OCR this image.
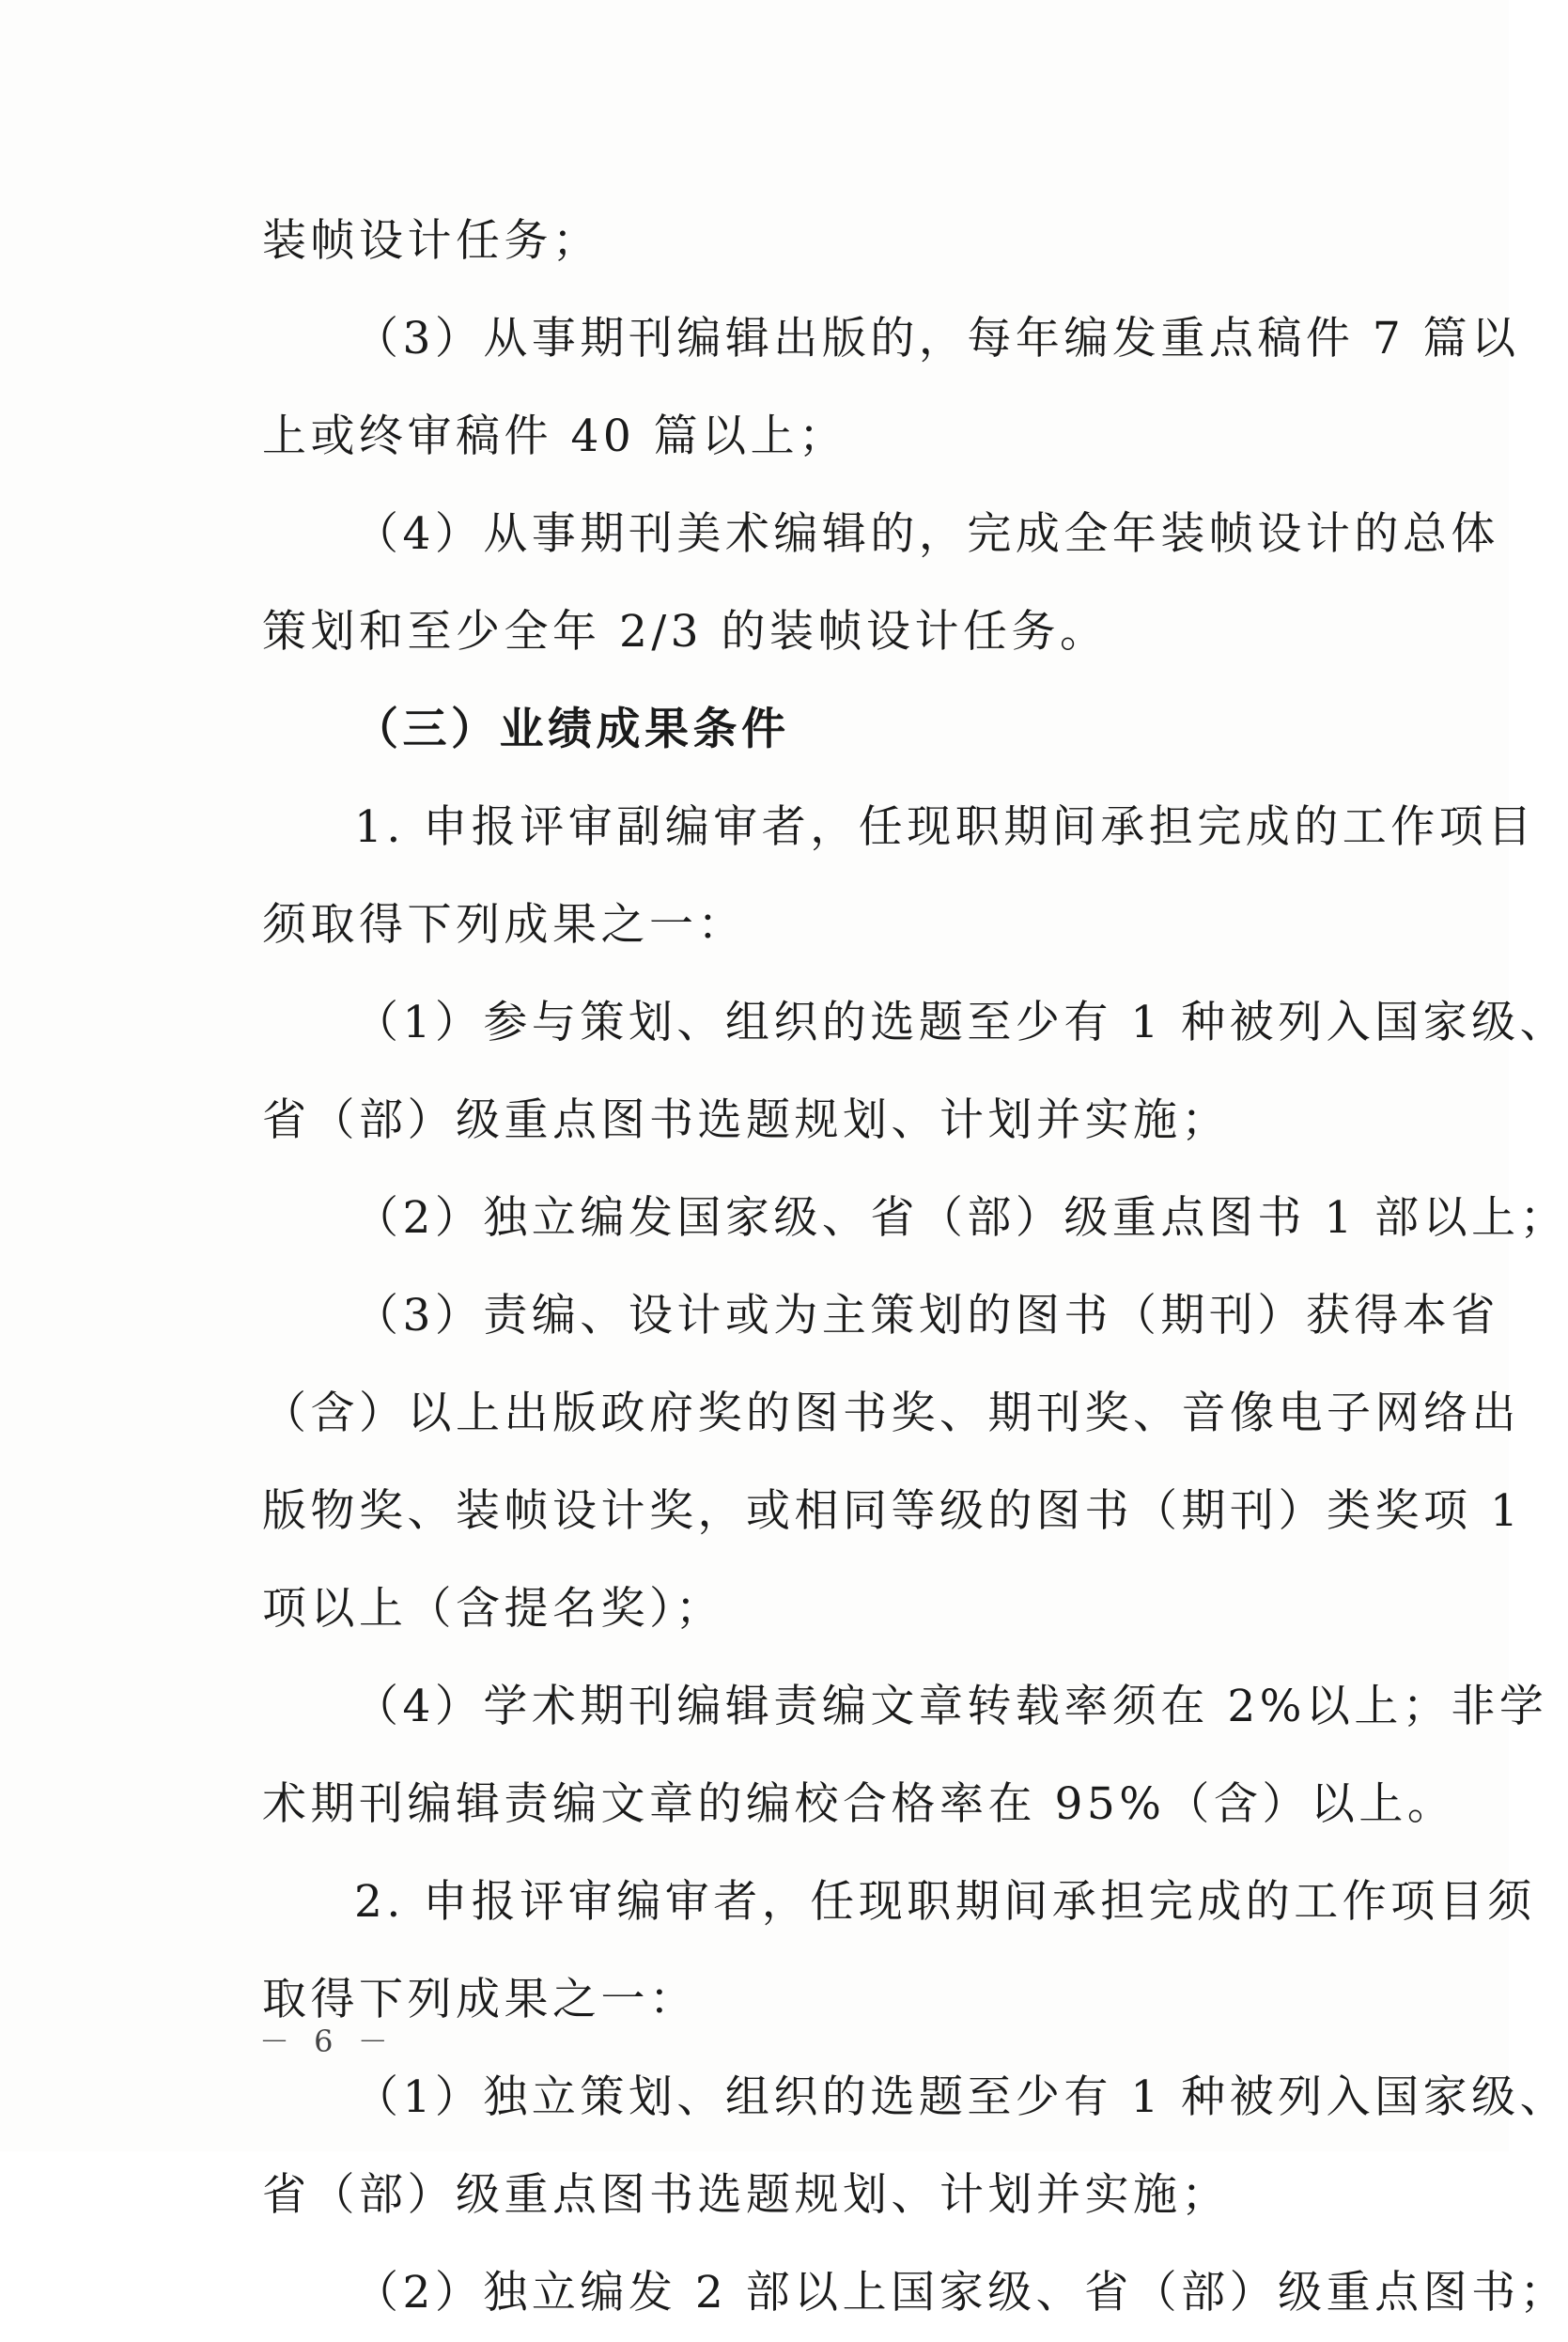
装帧设计任务；
（3）从事期刊编辑出版的，每年编发重点稿件 7 篇以
上或终审稿件 40 篇以上；
（4）从事期刊美术编辑的，完成全年装帧设计的总体
策划和至少全年 2/3 的装帧设计任务。
（三）业绩成果条件
1. 申报评审副编审者，任现职期间承担完成的工作项目
须取得下列成果之一：
（1）参与策划、组织的选题至少有 1 种被列入国家级、
省（部）级重点图书选题规划、计划并实施；
（2）独立编发国家级、省（部）级重点图书 1 部以上；
（3）责编、设计或为主策划的图书（期刊）获得本省
（含）以上出版政府奖的图书奖、期刊奖、音像电子网络出
版物奖、装帧设计奖，或相同等级的图书（期刊）类奖项 1
项以上（含提名奖）；
（4）学术期刊编辑责编文章转载率须在 2%以上；非学
术期刊编辑责编文章的编校合格率在 95%（含）以上。
2. 申报评审编审者，任现职期间承担完成的工作项目须
取得下列成果之一：
（1）独立策划、组织的选题至少有 1 种被列入国家级、
省（部）级重点图书选题规划、计划并实施；
（2）独立编发 2 部以上国家级、省（部）级重点图书；
－ 6 －
